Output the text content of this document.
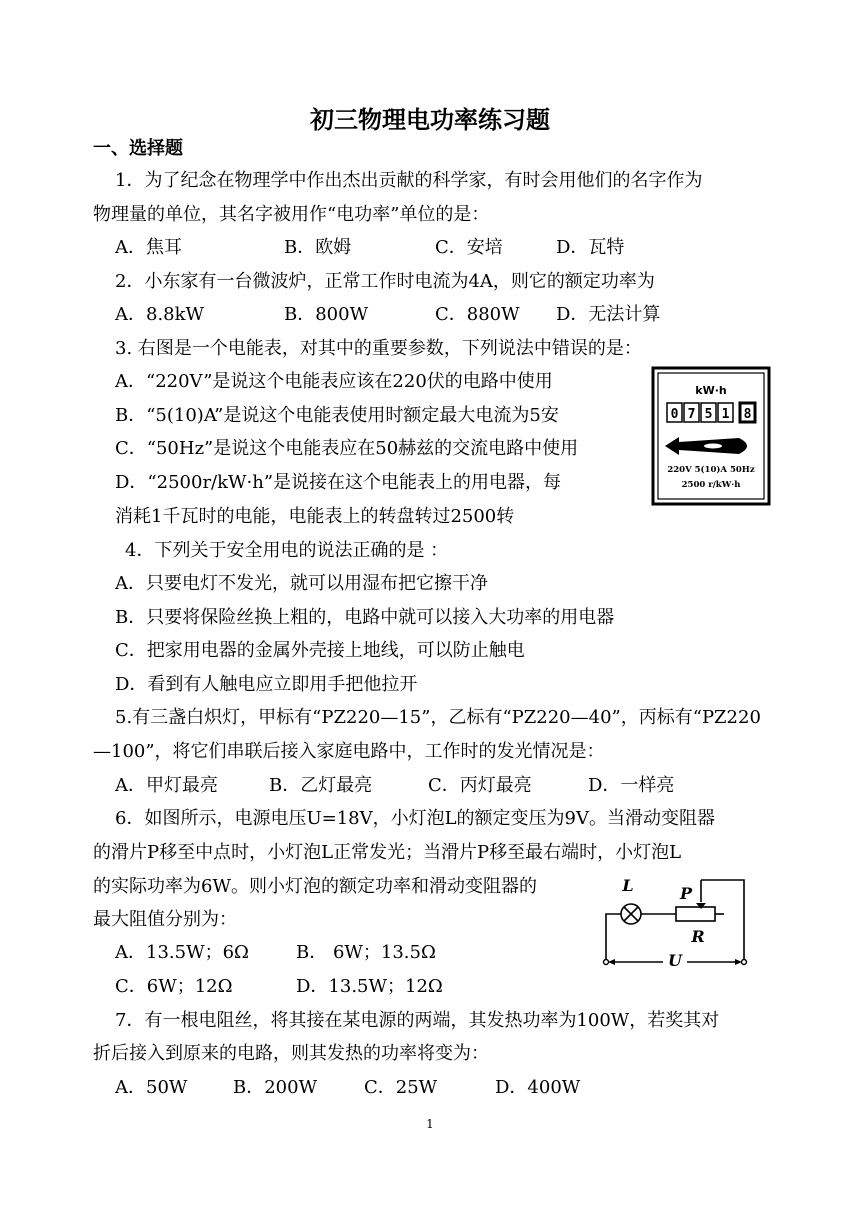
初三物理电功率练习题
一、选择题
1．为了纪念在物理学中作出杰出贡献的科学家，有时会用他们的名字作为
物理量的单位，其名字被用作“电功率”单位的是：
A．焦耳	B．欧姆	C．安培	D．瓦特
2．小东家有一台微波炉，正常工作时电流为4A，则它的额定功率为
A．8.8kW	B．800W	C．880W D．无法计算
3. 右图是一个电能表，对其中的重要参数，下列说法中错误的是：
A．“220V”是说这个电能表应该在220伏的电路中使用
B．“5(10)A”是说这个电能表使用时额定最大电流为5安
C．“50Hz”是说这个电能表应在50赫兹的交流电路中使用
D．“2500r/kW·h”是说接在这个电能表上的用电器，每
消耗1千瓦时的电能，电能表上的转盘转过2500转
kW·h
0 7 5 1 8
220V 5(10)A 50Hz
2500 r/kW·h
4．下列关于安全用电的说法正确的是 ：
A．只要电灯不发光，就可以用湿布把它擦干净
B．只要将保险丝换上粗的，电路中就可以接入大功率的用电器
C．把家用电器的金属外壳接上地线，可以防止触电
D．看到有人触电应立即用手把他拉开
5.有三盏白炽灯，甲标有“PZ220—15”，乙标有“PZ220—40”，丙标有“PZ220
—100”，将它们串联后接入家庭电路中，工作时的发光情况是：
A．甲灯最亮	B．乙灯最亮	C．丙灯最亮	D．一样亮
6．如图所示，电源电压U=18V，小灯泡L的额定变压为9V。当滑动变阻器
的滑片P移至中点时，小灯泡L正常发光；当滑片P移至最右端时，小灯泡L
的实际功率为6W。则小灯泡的额定功率和滑动变阻器的
最大阻值分别为：
A．13.5W；6Ω	B． 6W；13.5Ω
C．6W；12Ω	D．13.5W；12Ω
L	P
R
U
7．有一根电阻丝，将其接在某电源的两端，其发热功率为100W，若奖其对
折后接入到原来的电路，则其发热的功率将变为：
A．50W	B．200W	C．25W	D．400W
1
